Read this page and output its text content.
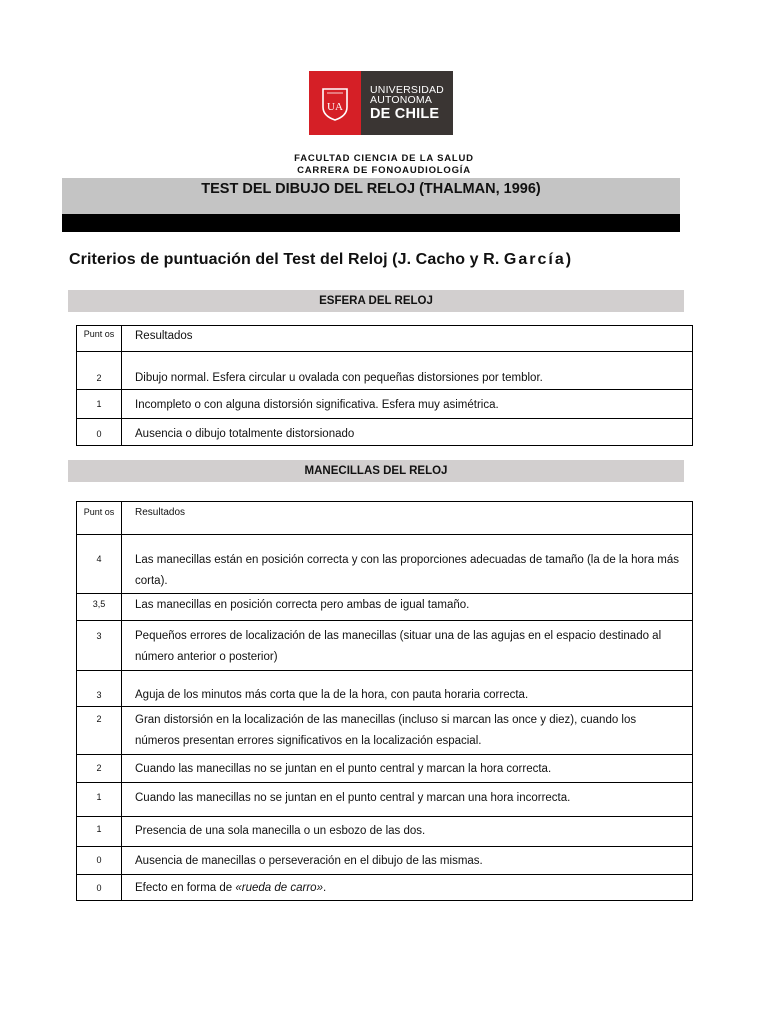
UA
UNIVERSIDAD
AUTONOMA
DE CHILE
FACULTAD CIENCIA DE LA SALUD
CARRERA DE FONOAUDIOLOGÍA
TEST DEL DIBUJO DEL RELOJ (THALMAN, 1996)
Criterios de puntuación del Test del Reloj (J. Cacho y R. García)
ESFERA DEL RELOJ
Punt os	Resultados

2	Dibujo normal. Esfera circular u ovalada con pequeñas distorsiones por temblor.

1	Incompleto o con alguna distorsión significativa. Esfera muy asimétrica.

0	Ausencia o dibujo totalmente distorsionado
MANECILLAS DEL RELOJ
Punt os	Resultados

4	Las manecillas están en posición correcta y con las proporciones adecuadas de tamaño (la de la hora más corta).

3,5	Las manecillas en posición correcta pero ambas de igual tamaño.

3	Pequeños errores de localización de las manecillas (situar una de las agujas en el espacio destinado al número anterior o posterior)

3	Aguja de los minutos más corta que la de la hora, con pauta horaria correcta.

2	Gran distorsión en la localización de las manecillas (incluso si marcan las once y diez), cuando los números presentan errores significativos en la localización espacial.

2	Cuando las manecillas no se juntan en el punto central y marcan la hora correcta.

1	Cuando las manecillas no se juntan en el punto central y marcan una hora incorrecta.

1	Presencia de una sola manecilla o un esbozo de las dos.

0	Ausencia de manecillas o perseveración en el dibujo de las mismas.

0	Efecto en forma de «rueda de carro».
